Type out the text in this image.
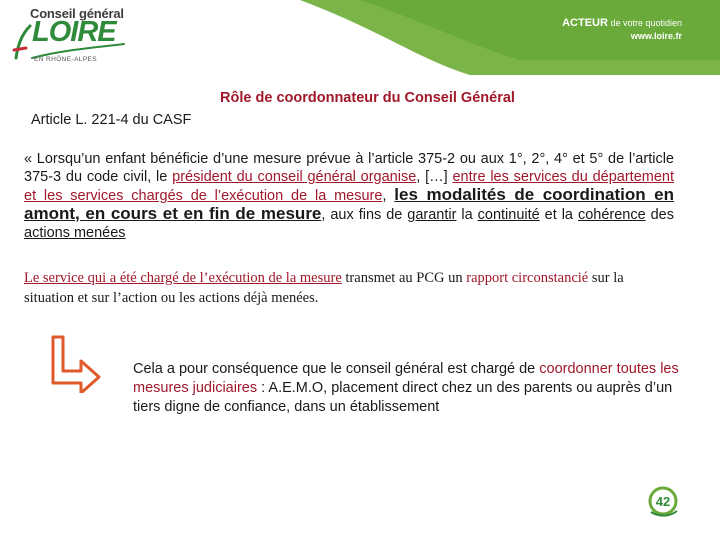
Conseil général
LOIRE
EN RHÔNE-ALPES
ACTEUR de votre quotidien
www.loire.fr
Rôle de coordonnateur du Conseil Général
Article L. 221-4 du CASF
« Lorsqu’un enfant bénéficie d’une mesure prévue à l’article 375-2 ou aux 1°, 2°, 4° et 5° de l’article 375-3 du code civil, le président du conseil général organise, […] entre les services du département et les services chargés de l’exécution de la mesure, les modalités de coordination en amont, en cours et en fin de mesure, aux fins de garantir la continuité et la cohérence des actions menées
Le service qui a été chargé de l’exécution de la mesure transmet au PCG un rapport circonstancié sur la situation et sur l’action ou les actions déjà menées.
Cela a pour conséquence que le conseil général est chargé de coordonner toutes les mesures judiciaires : A.E.M.O, placement direct chez un des parents ou auprès d’un tiers digne de confiance, dans un établissement
42
